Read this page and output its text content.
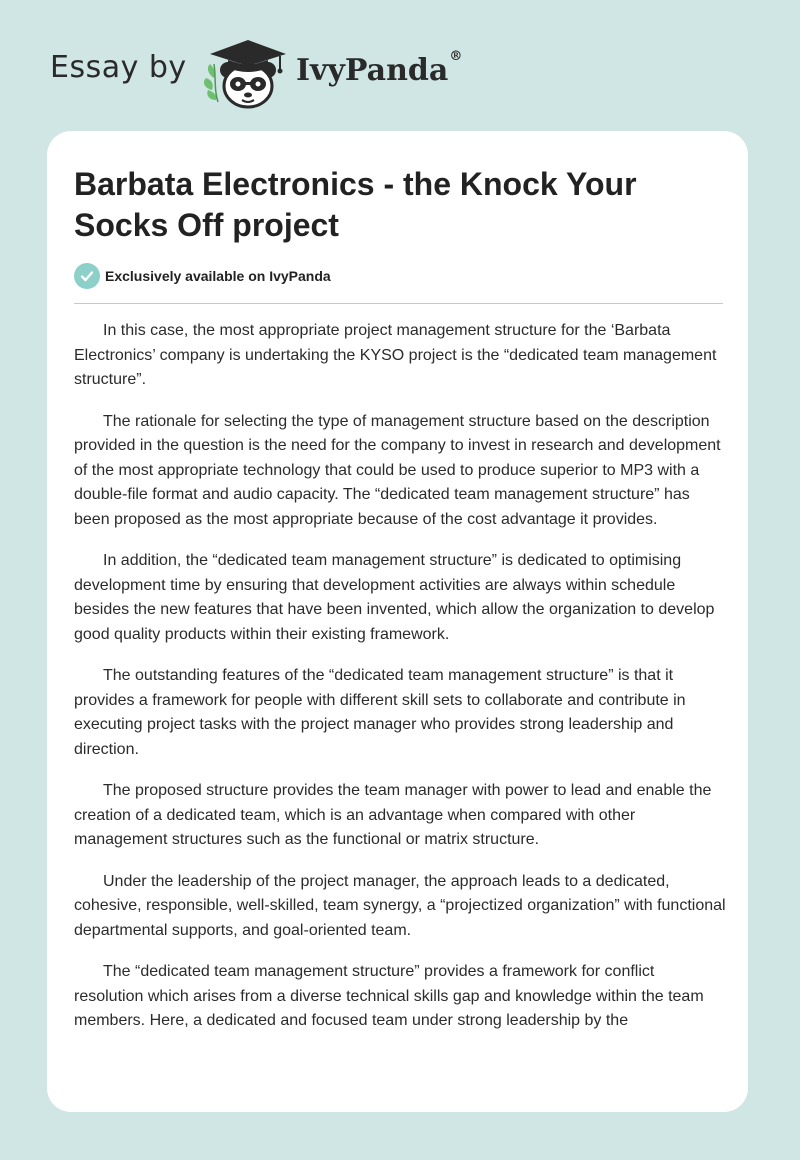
Essay by	IvyPanda®
Barbata Electronics - the Knock Your Socks Off project
Exclusively available on IvyPanda

In this case, the most appropriate project management structure for the ‘Barbata Electronics’ company is undertaking the KYSO project is the “dedicated team management structure”.

The rationale for selecting the type of management structure based on the description provided in the question is the need for the company to invest in research and development of the most appropriate technology that could be used to produce superior to MP3 with a double-file format and audio capacity. The “dedicated team management structure” has been proposed as the most appropriate because of the cost advantage it provides.

In addition, the “dedicated team management structure” is dedicated to optimising development time by ensuring that development activities are always within schedule besides the new features that have been invented, which allow the organization to develop good quality products within their existing framework.

The outstanding features of the “dedicated team management structure” is that it provides a framework for people with different skill sets to collaborate and contribute in executing project tasks with the project manager who provides strong leadership and direction.

The proposed structure provides the team manager with power to lead and enable the creation of a dedicated team, which is an advantage when compared with other management structures such as the functional or matrix structure.

Under the leadership of the project manager, the approach leads to a dedicated, cohesive, responsible, well-skilled, team synergy, a “projectized organization” with functional departmental supports, and goal-oriented team.

The “dedicated team management structure” provides a framework for conflict resolution which arises from a diverse technical skills gap and knowledge within the team members. Here, a dedicated and focused team under strong leadership by the
